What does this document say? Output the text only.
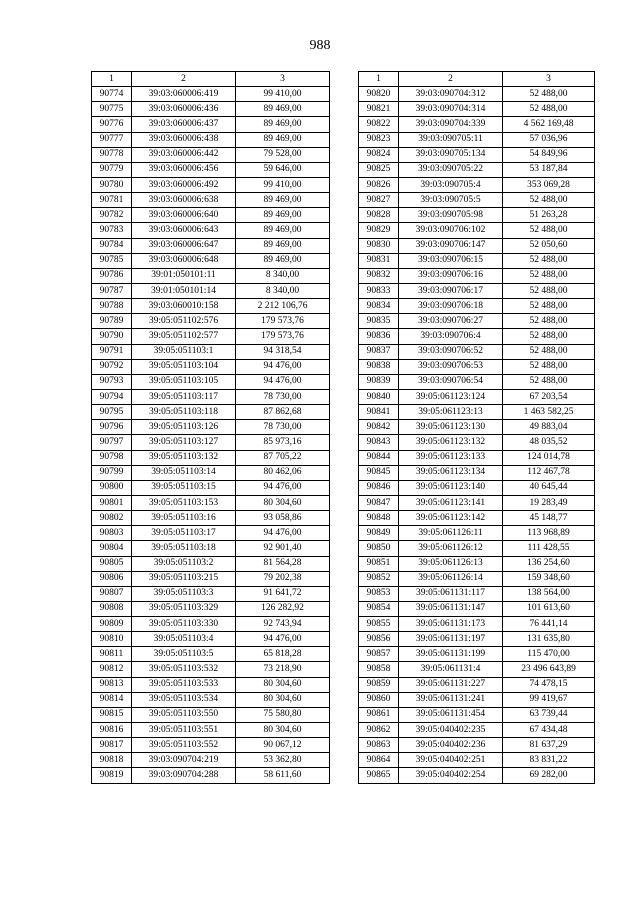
988
1	2	3
90774	39:03:060006:419	99 410,00
90775	39:03:060006:436	89 469,00
90776	39:03:060006:437	89 469,00
90777	39:03:060006:438	89 469,00
90778	39:03:060006:442	79 528,00
90779	39:03:060006:456	59 646,00
90780	39:03:060006:492	99 410,00
90781	39:03:060006:638	89 469,00
90782	39:03:060006:640	89 469,00
90783	39:03:060006:643	89 469,00
90784	39:03:060006:647	89 469,00
90785	39:03:060006:648	89 469,00
90786	39:01:050101:11	8 340,00
90787	39:01:050101:14	8 340,00
90788	39:03:060010:158	2 212 106,76
90789	39:05:051102:576	179 573,76
90790	39:05:051102:577	179 573,76
90791	39:05:051103:1	94 318,54
90792	39:05:051103:104	94 476,00
90793	39:05:051103:105	94 476,00
90794	39:05:051103:117	78 730,00
90795	39:05:051103:118	87 862,68
90796	39:05:051103:126	78 730,00
90797	39:05:051103:127	85 973,16
90798	39:05:051103:132	87 705,22
90799	39:05:051103:14	80 462,06
90800	39:05:051103:15	94 476,00
90801	39:05:051103:153	80 304,60
90802	39:05:051103:16	93 058,86
90803	39:05:051103:17	94 476,00
90804	39:05:051103:18	92 901,40
90805	39:05:051103:2	81 564,28
90806	39:05:051103:215	79 202,38
90807	39:05:051103:3	91 641,72
90808	39:05:051103:329	126 282,92
90809	39:05:051103:330	92 743,94
90810	39:05:051103:4	94 476,00
90811	39:05:051103:5	65 818,28
90812	39:05:051103:532	73 218,90
90813	39:05:051103:533	80 304,60
90814	39:05:051103:534	80 304,60
90815	39:05:051103:550	75 580,80
90816	39:05:051103:551	80 304,60
90817	39:05:051103:552	90 067,12
90818	39:03:090704:219	53 362,80
90819	39:03:090704:288	58 611,60
1	2	3
90820	39:03:090704:312	52 488,00
90821	39:03:090704:314	52 488,00
90822	39:03:090704:339	4 562 169,48
90823	39:03:090705:11	57 036,96
90824	39:03:090705:134	54 849,96
90825	39:03:090705:22	53 187,84
90826	39:03:090705:4	353 069,28
90827	39:03:090705:5	52 488,00
90828	39:03:090705:98	51 263,28
90829	39:03:090706:102	52 488,00
90830	39:03:090706:147	52 050,60
90831	39:03:090706:15	52 488,00
90832	39:03:090706:16	52 488,00
90833	39:03:090706:17	52 488,00
90834	39:03:090706:18	52 488,00
90835	39:03:090706:27	52 488,00
90836	39:03:090706:4	52 488,00
90837	39:03:090706:52	52 488,00
90838	39:03:090706:53	52 488,00
90839	39:03:090706:54	52 488,00
90840	39:05:061123:124	67 203,54
90841	39:05:061123:13	1 463 582,25
90842	39:05:061123:130	49 883,04
90843	39:05:061123:132	48 035,52
90844	39:05:061123:133	124 014,78
90845	39:05:061123:134	112 467,78
90846	39:05:061123:140	40 645,44
90847	39:05:061123:141	19 283,49
90848	39:05:061123:142	45 148,77
90849	39:05:061126:11	113 968,89
90850	39:05:061126:12	111 428,55
90851	39:05:061126:13	136 254,60
90852	39:05:061126:14	159 348,60
90853	39:05:061131:117	138 564,00
90854	39:05:061131:147	101 613,60
90855	39:05:061131:173	76 441,14
90856	39:05:061131:197	131 635,80
90857	39:05:061131:199	115 470,00
90858	39:05:061131:4	23 496 643,89
90859	39:05:061131:227	74 478,15
90860	39:05:061131:241	99 419,67
90861	39:05:061131:454	63 739,44
90862	39:05:040402:235	67 434,48
90863	39:05:040402:236	81 637,29
90864	39:05:040402:251	83 831,22
90865	39:05:040402:254	69 282,00
